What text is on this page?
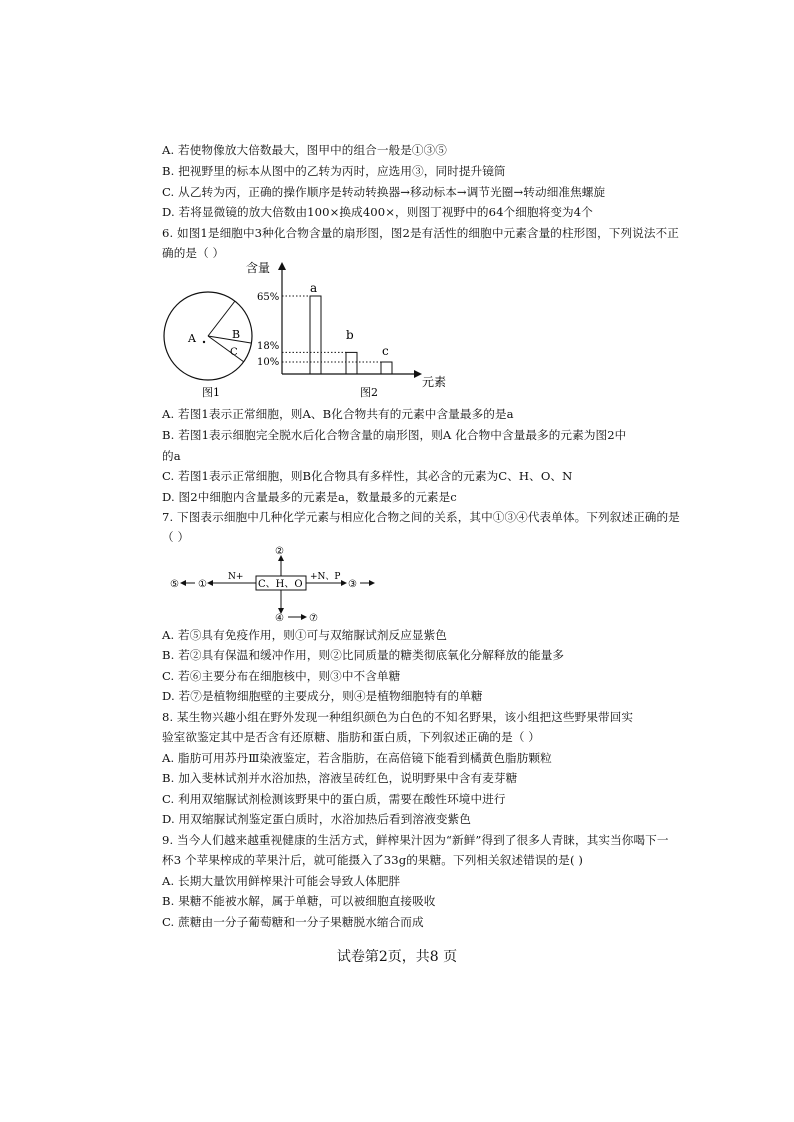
A. 若使物像放大倍数最大，图甲中的组合一般是①③⑤
B. 把视野里的标本从图中的乙转为丙时，应选用③，同时提升镜筒
C. 从乙转为丙，正确的操作顺序是转动转换器→移动标本→调节光圈→转动细准焦螺旋
D. 若将显微镜的放大倍数由100×换成400×，则图丁视野中的64个细胞将变为4个
6. 如图1是细胞中3种化合物含量的扇形图，图2是有活性的细胞中元素含量的柱形图，下列说法不正
确的是（ ）
A	B
C
图1
含量
元素
65%
18%
10%
a
b
c
图2
A. 若图1表示正常细胞，则A、B化合物共有的元素中含量最多的是a
B. 若图1表示细胞完全脱水后化合物含量的扇形图，则A 化合物中含量最多的元素为图2中
的a
C. 若图1表示正常细胞，则B化合物具有多样性，其必含的元素为C、H、O、N
D. 图2中细胞内含量最多的元素是a，数量最多的元素是c
7. 下图表示细胞中几种化学元素与相应化合物之间的关系，其中①③④代表单体。下列叙述正确的是
（ ）
C、H、O
②
N+
①
⑤
+N、P
③
④	⑦
A. 若⑤具有免疫作用，则①可与双缩脲试剂反应显紫色
B. 若②具有保温和缓冲作用，则②比同质量的糖类彻底氧化分解释放的能量多
C. 若⑥主要分布在细胞核中，则③中不含单糖
D. 若⑦是植物细胞壁的主要成分，则④是植物细胞特有的单糖
8. 某生物兴趣小组在野外发现一种组织颜色为白色的不知名野果，该小组把这些野果带回实
验室欲鉴定其中是否含有还原糖、脂肪和蛋白质，下列叙述正确的是（ ）
A. 脂肪可用苏丹Ⅲ染液鉴定，若含脂肪，在高倍镜下能看到橘黄色脂肪颗粒
B. 加入斐林试剂并水浴加热，溶液呈砖红色，说明野果中含有麦芽糖
C. 利用双缩脲试剂检测该野果中的蛋白质，需要在酸性环境中进行
D. 用双缩脲试剂鉴定蛋白质时，水浴加热后看到溶液变紫色
9. 当今人们越来越重视健康的生活方式，鲜榨果汁因为“新鲜”得到了很多人青睐，其实当你喝下一
杯3 个苹果榨成的苹果汁后，就可能摄入了33g的果糖。下列相关叙述错误的是( )
A. 长期大量饮用鲜榨果汁可能会导致人体肥胖
B. 果糖不能被水解，属于单糖，可以被细胞直接吸收
C. 蔗糖由一分子葡萄糖和一分子果糖脱水缩合而成
试卷第2页，共8 页
